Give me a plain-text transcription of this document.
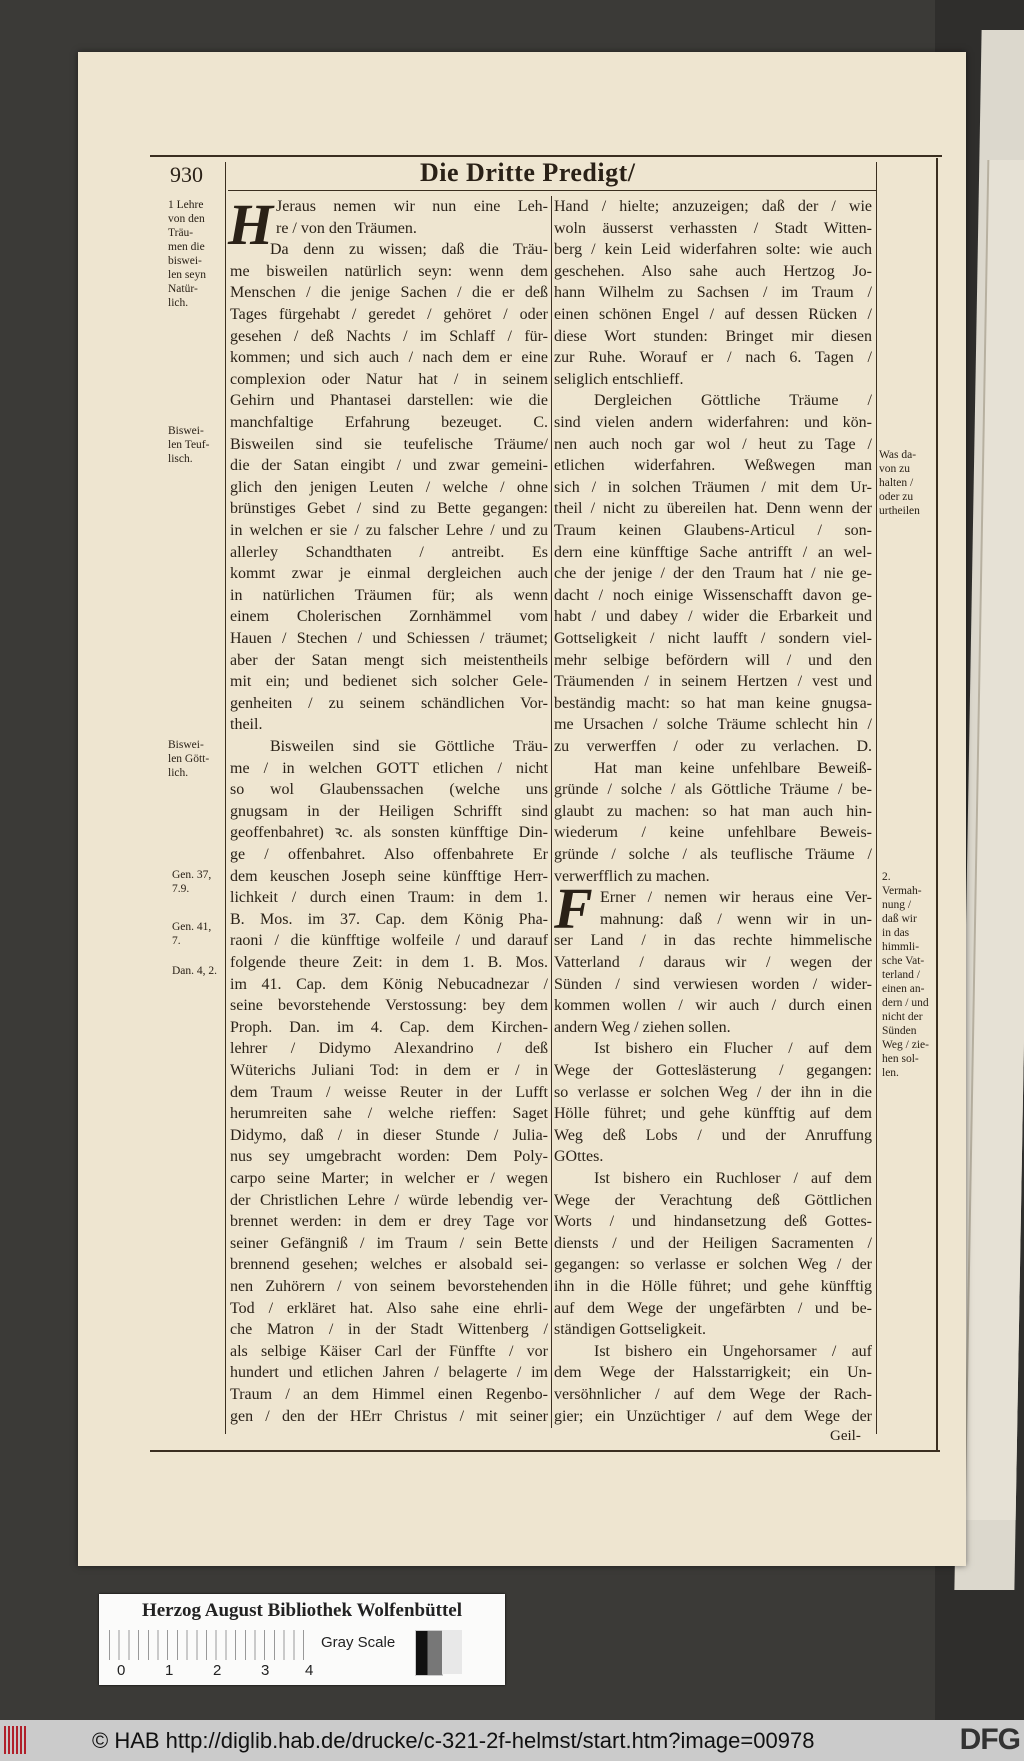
930	Die Dritte Predigt/
H
F
Jeraus nemen wir nun eine Leh-
re / von den Träumen.
Da denn zu wissen; daß die Träu-
me bisweilen natürlich seyn: wenn dem
Menschen / die jenige Sachen / die er deß
Tages fürgehabt / geredet / gehöret / oder
gesehen / deß Nachts / im Schlaff / für-
kommen; und sich auch / nach dem er eine
complexion oder Natur hat / in seinem
Gehirn und Phantasei darstellen: wie die
manchfaltige Erfahrung bezeuget. C.
Bisweilen sind sie teufelische Träume/
die der Satan eingibt / und zwar gemeini-
glich den jenigen Leuten / welche / ohne
brünstiges Gebet / sind zu Bette gegangen:
in welchen er sie / zu falscher Lehre / und zu
allerley Schandthaten / antreibt. Es
kommt zwar je einmal dergleichen auch
in natürlichen Träumen für; als wenn
einem Cholerischen Zornhämmel vom
Hauen / Stechen / und Schiessen / träumet;
aber der Satan mengt sich meistentheils
mit ein; und bedienet sich solcher Gele-
genheiten / zu seinem schändlichen Vor-
theil.
Bisweilen sind sie Göttliche Träu-
me / in welchen GOTT etlichen / nicht
so wol Glaubenssachen (welche uns
gnugsam in der Heiligen Schrifft sind
geoffenbahret) ꝛc. als sonsten künfftige Din-
ge / offenbahret. Also offenbahrete Er
dem keuschen Joseph seine künfftige Herr-
lichkeit / durch einen Traum: in dem 1.
B. Mos. im 37. Cap. dem König Pha-
raoni / die künfftige wolfeile / und darauf
folgende theure Zeit: in dem 1. B. Mos.
im 41. Cap. dem König Nebucadnezar /
seine bevorstehende Verstossung: bey dem
Proph. Dan. im 4. Cap. dem Kirchen-
lehrer / Didymo Alexandrino / deß
Wüterichs Juliani Tod: in dem er / in
dem Traum / weisse Reuter in der Lufft
herumreiten sahe / welche rieffen: Saget
Didymo, daß / in dieser Stunde / Julia-
nus sey umgebracht worden: Dem Poly-
carpo seine Marter; in welcher er / wegen
der Christlichen Lehre / würde lebendig ver-
brennet werden: in dem er drey Tage vor
seiner Gefängniß / im Traum / sein Bette
brennend gesehen; welches er alsobald sei-
nen Zuhörern / von seinem bevorstehenden
Tod / erkläret hat. Also sahe eine ehrli-
che Matron / in der Stadt Wittenberg /
als selbige Käiser Carl der Fünffte / vor
hundert und etlichen Jahren / belagerte / im
Traum / an dem Himmel einen Regenbo-
gen / den der HErr Christus / mit seiner
Hand / hielte; anzuzeigen; daß der / wie
woln äusserst verhassten / Stadt Witten-
berg / kein Leid widerfahren solte: wie auch
geschehen. Also sahe auch Hertzog Jo-
hann Wilhelm zu Sachsen / im Traum /
einen schönen Engel / auf dessen Rücken /
diese Wort stunden: Bringet mir diesen
zur Ruhe. Worauf er / nach 6. Tagen /
seliglich entschlieff.
Dergleichen Göttliche Träume /
sind vielen andern widerfahren: und kön-
nen auch noch gar wol / heut zu Tage /
etlichen widerfahren. Weßwegen man
sich / in solchen Träumen / mit dem Ur-
theil / nicht zu übereilen hat. Denn wenn der
Traum keinen Glaubens-Articul / son-
dern eine künfftige Sache antrifft / an wel-
che der jenige / der den Traum hat / nie ge-
dacht / noch einige Wissenschafft davon ge-
habt / und dabey / wider die Erbarkeit und
Gottseligkeit / nicht laufft / sondern viel-
mehr selbige befördern will / und den
Träumenden / in seinem Hertzen / vest und
beständig macht: so hat man keine gnugsa-
me Ursachen / solche Träume schlecht hin /
zu verwerffen / oder zu verlachen. D.
Hat man keine unfehlbare Beweiß-
gründe / solche / als Göttliche Träume / be-
glaubt zu machen: so hat man auch hin-
wiederum / keine unfehlbare Beweis-
gründe / solche / als teuflische Träume /
verwerfflich zu machen.
Erner / nemen wir heraus eine Ver-
mahnung: daß / wenn wir in un-
ser Land / in das rechte himmelische
Vatterland / daraus wir / wegen der
Sünden / sind verwiesen worden / wider-
kommen wollen / wir auch / durch einen
andern Weg / ziehen sollen.
Ist bishero ein Flucher / auf dem
Wege der Gotteslästerung / gegangen:
so verlasse er solchen Weg / der ihn in die
Hölle führet; und gehe künfftig auf dem
Weg deß Lobs / und der Anruffung
GOttes.
Ist bishero ein Ruchloser / auf dem
Wege der Verachtung deß Göttlichen
Worts / und hindansetzung deß Gottes-
diensts / und der Heiligen Sacramenten /
gegangen: so verlasse er solchen Weg / der
ihn in die Hölle führet; und gehe künfftig
auf dem Wege der ungefärbten / und be-
ständigen Gottseligkeit.
Ist bishero ein Ungehorsamer / auf
dem Wege der Halsstarrigkeit; ein Un-
versöhnlicher / auf dem Wege der Rach-
gier; ein Unzüchtiger / auf dem Wege der
1 Lehre
von den
Träu-
men die
biswei-
len seyn
Natür-
lich.
Biswei-
len Teuf-
lisch.
Biswei-
len Gött-
lich.
Gen. 37,
7.9.
Gen. 41,
7.
Dan. 4, 2.
Was da-
von zu
halten /
oder zu
urtheilen
2.
Vermah-
nung /
daß wir
in das
himmli-
sche Vat-
terland /
einen an-
dern / und
nicht der
Sünden
Weg / zie-
hen sol-
len.
Geil-
Herzog August Bibliothek Wolfenbüttel
0	1	2	3 4
Gray Scale
© HAB http://diglib.hab.de/drucke/c-321-2f-helmst/start.htm?image=00978	DFG
